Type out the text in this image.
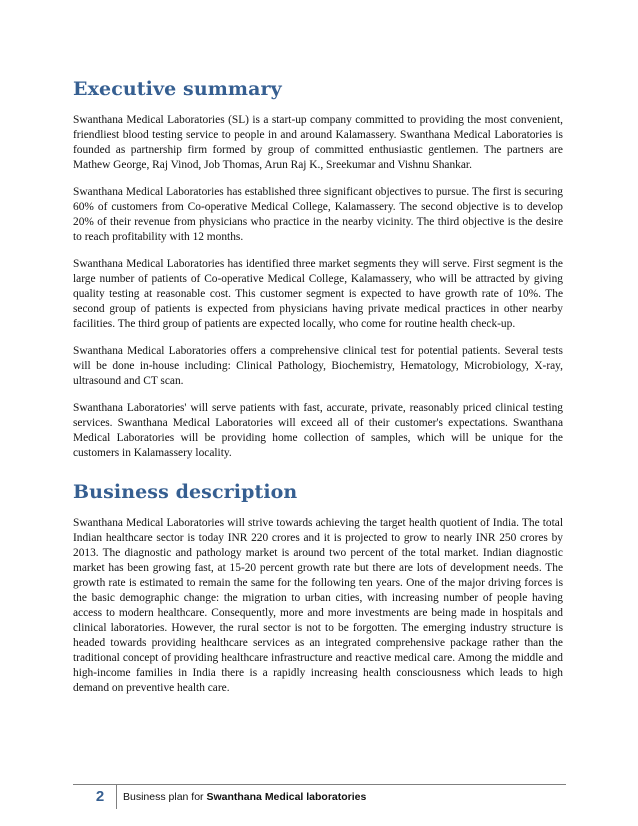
Executive summary

Swanthana Medical Laboratories (SL) is a start-up company committed to providing the most convenient, friendliest blood testing service to people in and around Kalamassery. Swanthana Medical Laboratories is founded as partnership firm formed by group of committed enthusiastic gentlemen. The partners are Mathew George, Raj Vinod, Job Thomas, Arun Raj K., Sreekumar and Vishnu Shankar.

Swanthana Medical Laboratories has established three significant objectives to pursue. The first is securing 60% of customers from Co-operative Medical College, Kalamassery. The second objective is to develop 20% of their revenue from physicians who practice in the nearby vicinity. The third objective is the desire to reach profitability with 12 months.

Swanthana Medical Laboratories has identified three market segments they will serve. First segment is the large number of patients of Co-operative Medical College, Kalamassery, who will be attracted by giving quality testing at reasonable cost. This customer segment is expected to have growth rate of 10%. The second group of patients is expected from physicians having private medical practices in other nearby facilities. The third group of patients are expected locally, who come for routine health check-up.

Swanthana Medical Laboratories offers a comprehensive clinical test for potential patients. Several tests will be done in-house including: Clinical Pathology, Biochemistry, Hematology, Microbiology, X-ray, ultrasound and CT scan.

Swanthana Laboratories' will serve patients with fast, accurate, private, reasonably priced clinical testing services. Swanthana Medical Laboratories will exceed all of their customer's expectations. Swanthana Medical Laboratories will be providing home collection of samples, which will be unique for the customers in Kalamassery locality.

Business description

Swanthana Medical Laboratories will strive towards achieving the target health quotient of India. The total Indian healthcare sector is today INR 220 crores and it is projected to grow to nearly INR 250 crores by 2013. The diagnostic and pathology market is around two percent of the total market. Indian diagnostic market has been growing fast, at 15-20 percent growth rate but there are lots of development needs. The growth rate is estimated to remain the same for the following ten years. One of the major driving forces is the basic demographic change: the migration to urban cities, with increasing number of people having access to modern healthcare. Consequently, more and more investments are being made in hospitals and clinical laboratories. However, the rural sector is not to be forgotten. The emerging industry structure is headed towards providing healthcare services as an integrated comprehensive package rather than the traditional concept of providing healthcare infrastructure and reactive medical care. Among the middle and high-income families in India there is a rapidly increasing health consciousness which leads to high demand on preventive health care.

2	Business plan for Swanthana Medical laboratories
